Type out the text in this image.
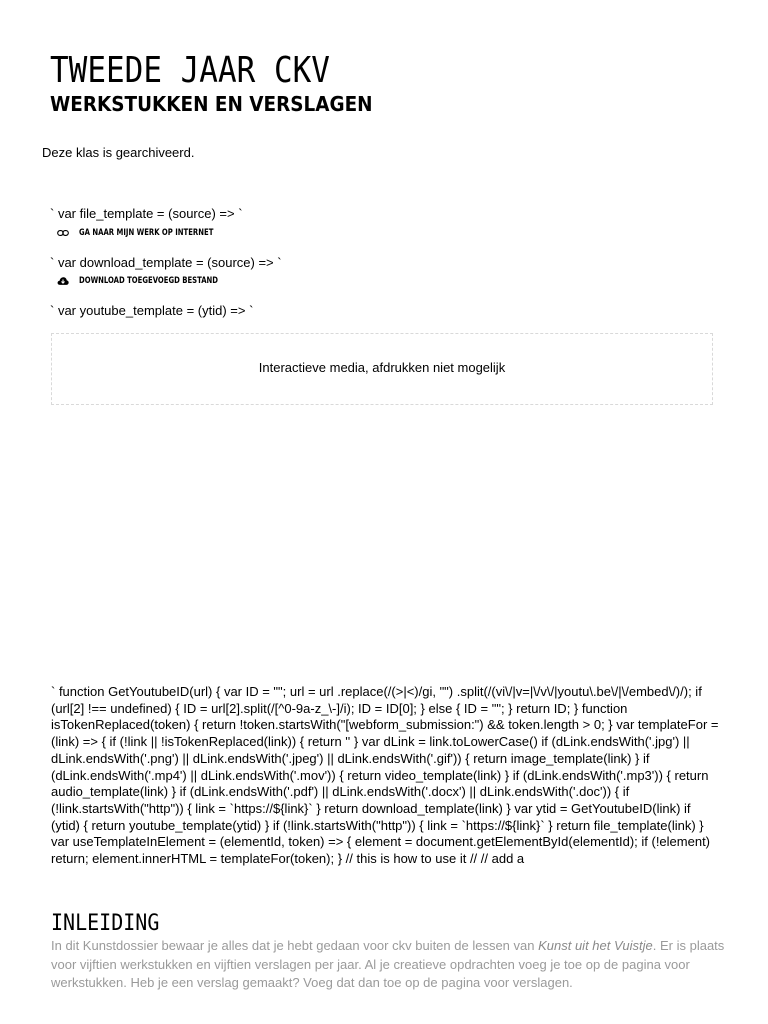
TWEEDE JAAR CKV
WERKSTUKKEN EN VERSLAGEN
Deze klas is gearchiveerd.
` var file_template = (source) => `
GA NAAR MIJN WERK OP INTERNET
` var download_template = (source) => `
DOWNLOAD TOEGEVOEGD BESTAND
` var youtube_template = (ytid) => `
Interactieve media, afdrukken niet mogelijk

` function GetYoutubeID(url) { var ID = ""; url = url .replace(/(>|<)/gi, "") .split(/(vi\/|v=|\/v\/|youtu\.be\/|\/embed\/)/); if (url[2] !== undefined) { ID = url[2].split(/[^0-9a-z_\-]/i); ID = ID[0]; } else { ID = ""; } return ID; } function isTokenReplaced(token) { return !token.startsWith("[webform_submission:") && token.length > 0; } var templateFor = (link) => { if (!link || !isTokenReplaced(link)) { return '' } var dLink = link.toLowerCase() if (dLink.endsWith('.jpg') || dLink.endsWith('.png') || dLink.endsWith('.jpeg') || dLink.endsWith('.gif')) { return image_template(link) } if (dLink.endsWith('.mp4') || dLink.endsWith('.mov')) { return video_template(link) } if (dLink.endsWith('.mp3')) { return audio_template(link) } if (dLink.endsWith('.pdf') || dLink.endsWith('.docx') || dLink.endsWith('.doc')) { if (!link.startsWith("http")) { link = `https://${link}` } return download_template(link) } var ytid = GetYoutubeID(link) if (ytid) { return youtube_template(ytid) } if (!link.startsWith("http")) { link = `https://${link}` } return file_template(link) } var useTemplateInElement = (elementId, token) => { element = document.getElementById(elementId); if (!element) return; element.innerHTML = templateFor(token); } // this is how to use it // // add a

INLEIDING

In dit Kunstdossier bewaar je alles dat je hebt gedaan voor ckv buiten de lessen van Kunst uit het Vuistje. Er is plaats voor vijftien werkstukken en vijftien verslagen per jaar. Al je creatieve opdrachten voeg je toe op de pagina voor werkstukken. Heb je een verslag gemaakt? Voeg dat dan toe op de pagina voor verslagen.
